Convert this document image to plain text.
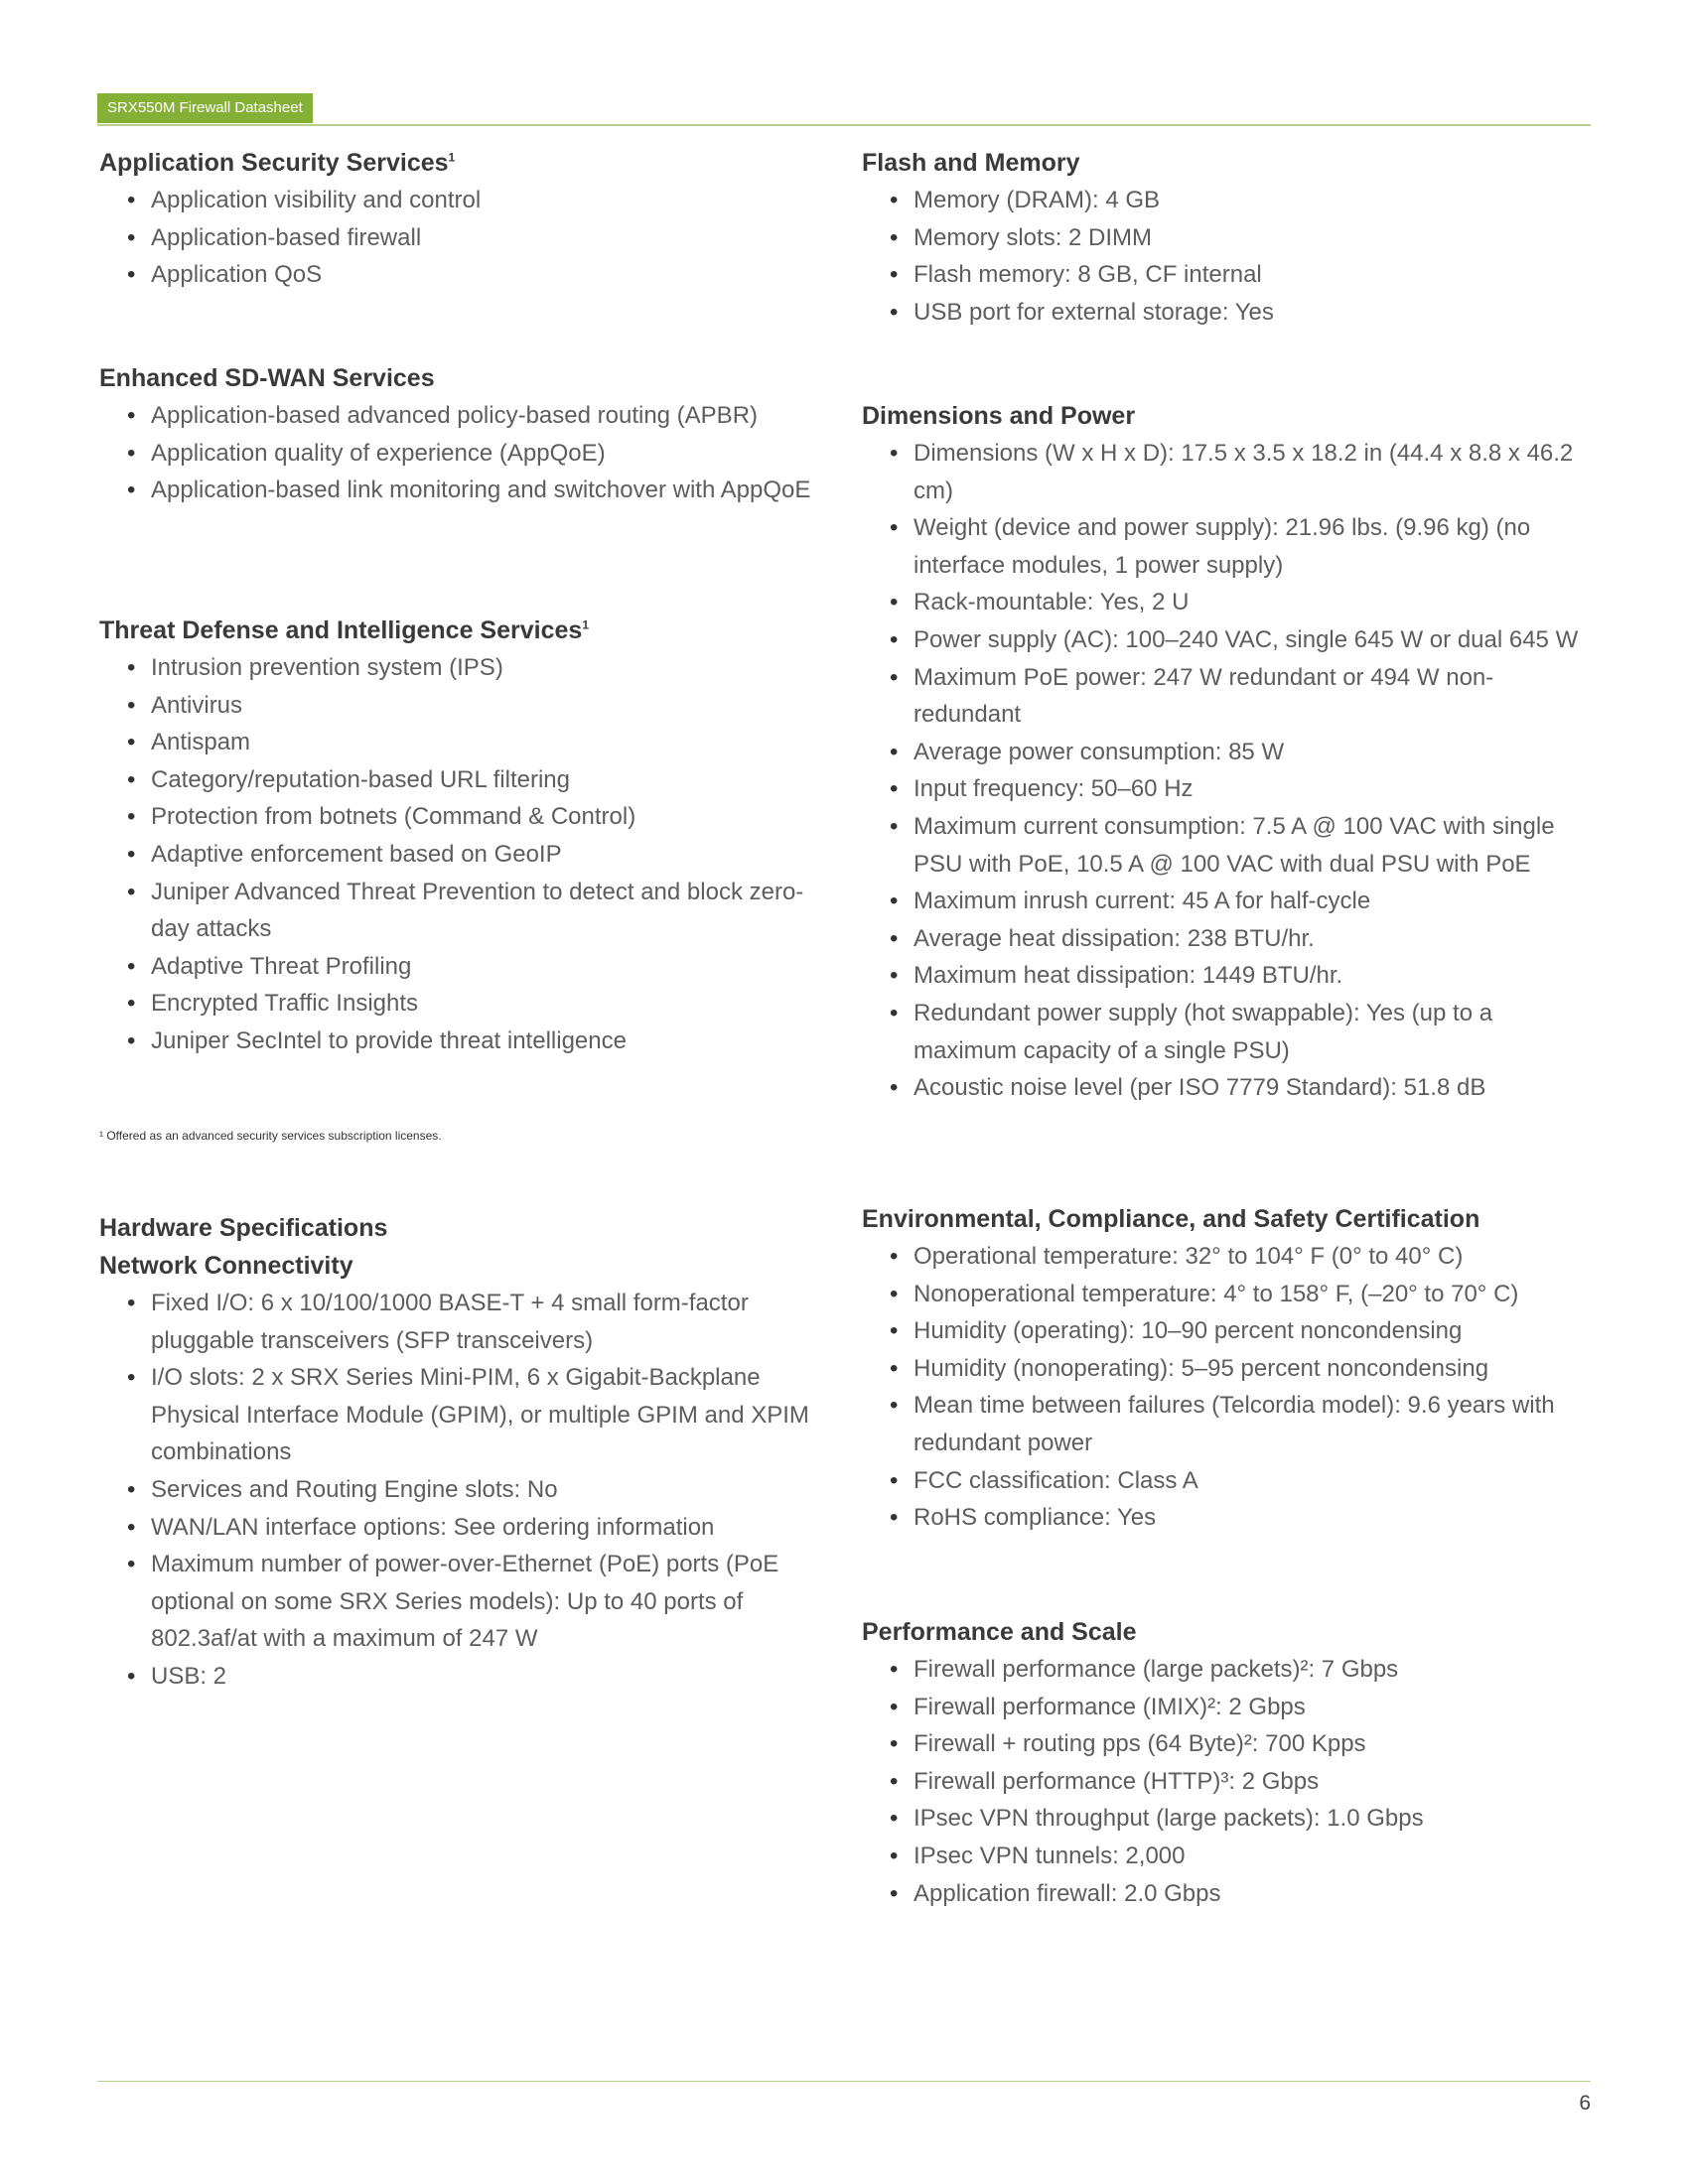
SRX550M Firewall Datasheet
Application Security Services$^1$
• Application visibility and control
• Application-based firewall
• Application QoS
Enhanced SD-WAN Services
• Application-based advanced policy-based routing (APBR)
• Application quality of experience (AppQoE)
• Application-based link monitoring and switchover with AppQoE
Threat Defense and Intelligence Services$^1$
• Intrusion prevention system (IPS)
• Antivirus
• Antispam
• Category/reputation-based URL filtering
• Protection from botnets (Command & Control)
• Adaptive enforcement based on GeoIP
• Juniper Advanced Threat Prevention to detect and block zero-day attacks
• Adaptive Threat Profiling
• Encrypted Traffic Insights
• Juniper SecIntel to provide threat intelligence
¹ Offered as an advanced security services subscription licenses.
Hardware Specifications
Network Connectivity
• Fixed I/O: 6 x 10/100/1000 BASE-T + 4 small form-factor pluggable transceivers (SFP transceivers)
• I/O slots: 2 x SRX Series Mini-PIM, 6 x Gigabit-Backplane Physical Interface Module (GPIM), or multiple GPIM and XPIM combinations
• Services and Routing Engine slots: No
• WAN/LAN interface options: See ordering information
• Maximum number of power-over-Ethernet (PoE) ports (PoE optional on some SRX Series models): Up to 40 ports of 802.3af/at with a maximum of 247 W
• USB: 2
Flash and Memory
• Memory (DRAM): 4 GB
• Memory slots: 2 DIMM
• Flash memory: 8 GB, CF internal
• USB port for external storage: Yes
Dimensions and Power
• Dimensions (W x H x D): 17.5 x 3.5 x 18.2 in (44.4 x 8.8 x 46.2 cm)
• Weight (device and power supply): 21.96 lbs. (9.96 kg) (no interface modules, 1 power supply)
• Rack-mountable: Yes, 2 U
• Power supply (AC): 100–240 VAC, single 645 W or dual 645 W
• Maximum PoE power: 247 W redundant or 494 W non-redundant
• Average power consumption: 85 W
• Input frequency: 50–60 Hz
• Maximum current consumption: 7.5 A @ 100 VAC with single PSU with PoE, 10.5 A @ 100 VAC with dual PSU with PoE
• Maximum inrush current: 45 A for half-cycle
• Average heat dissipation: 238 BTU/hr.
• Maximum heat dissipation: 1449 BTU/hr.
• Redundant power supply (hot swappable): Yes (up to a maximum capacity of a single PSU)
• Acoustic noise level (per ISO 7779 Standard): 51.8 dB
Environmental, Compliance, and Safety Certification
• Operational temperature: 32° to 104° F (0° to 40° C)
• Nonoperational temperature: 4° to 158° F, (–20° to 70° C)
• Humidity (operating): 10–90 percent noncondensing
• Humidity (nonoperating): 5–95 percent noncondensing
• Mean time between failures (Telcordia model): 9.6 years with redundant power
• FCC classification: Class A
• RoHS compliance: Yes
Performance and Scale
• Firewall performance (large packets)²: 7 Gbps
• Firewall performance (IMIX)²: 2 Gbps
• Firewall + routing pps (64 Byte)²: 700 Kpps
• Firewall performance (HTTP)³: 2 Gbps
• IPsec VPN throughput (large packets): 1.0 Gbps
• IPsec VPN tunnels: 2,000
• Application firewall: 2.0 Gbps
6
